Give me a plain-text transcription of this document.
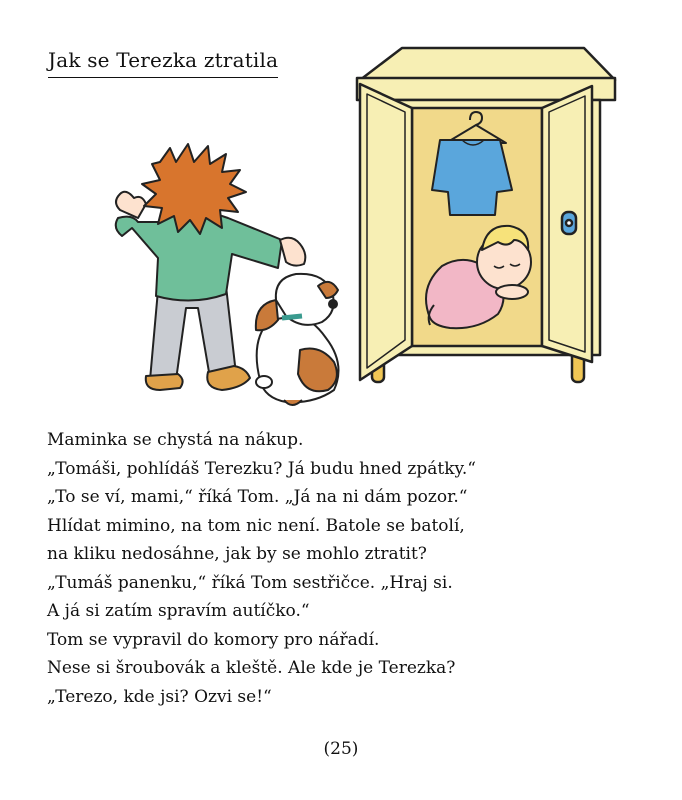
Jak se Terezka ztratila

Maminka se chystá na nákup.

„Tomáši, pohlídáš Terezku? Já budu hned zpátky.“

„To se ví, mami,“ říká Tom. „Já na ni dám pozor.“

Hlídat mimino, na tom nic není. Batole se batolí,

na kliku nedosáhne, jak by se mohlo ztratit?

„Tumáš panenku,“ říká Tom sestřičce. „Hraj si.

A já si zatím spravím autíčko.“

Tom se vypravil do komory pro nářadí.

Nese si šroubovák a kleště. Ale kde je Terezka?

„Terezo, kde jsi? Ozvi se!“

(25)
